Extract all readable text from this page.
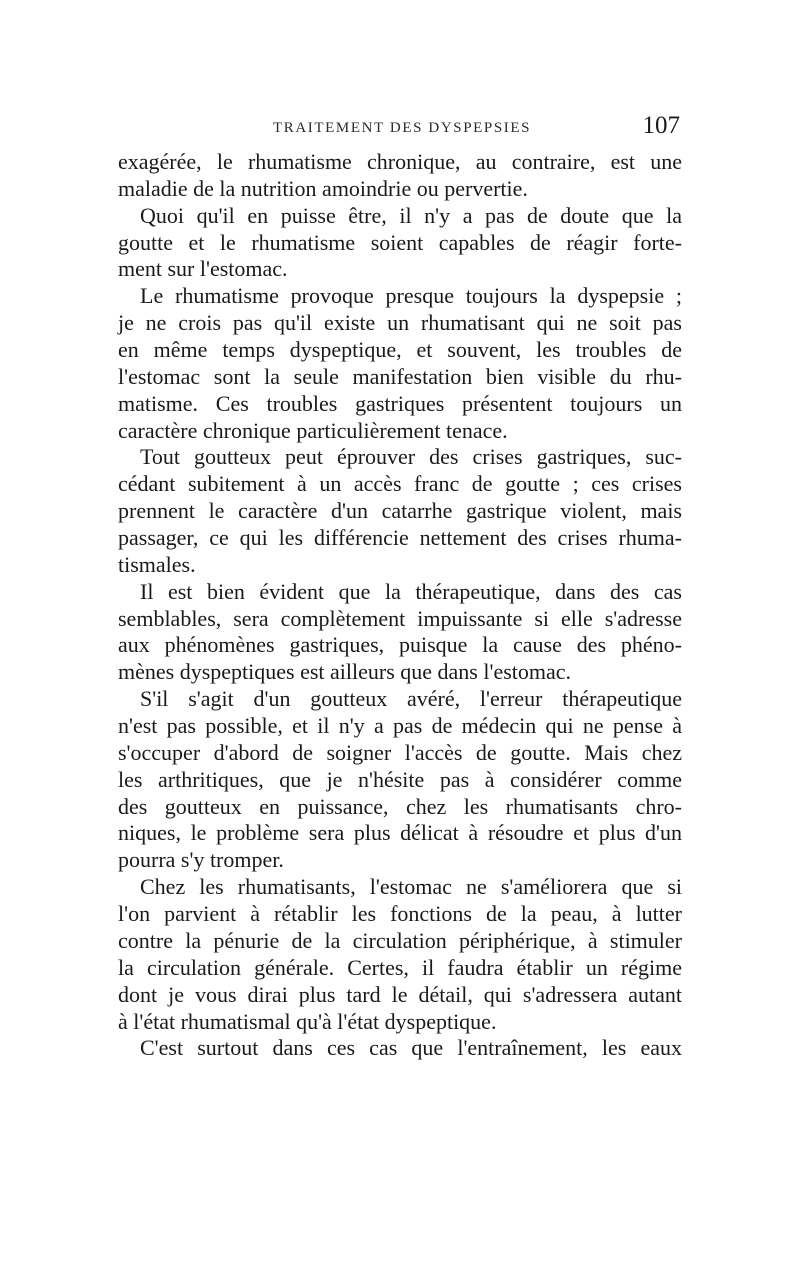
TRAITEMENT DES DYSPEPSIES	107
exagérée, le rhumatisme chronique, au contraire, est une
maladie de la nutrition amoindrie ou pervertie.
Quoi qu'il en puisse être, il n'y a pas de doute que la
goutte et le rhumatisme soient capables de réagir forte-
ment sur l'estomac.
Le rhumatisme provoque presque toujours la dyspepsie ;
je ne crois pas qu'il existe un rhumatisant qui ne soit pas
en même temps dyspeptique, et souvent, les troubles de
l'estomac sont la seule manifestation bien visible du rhu-
matisme. Ces troubles gastriques présentent toujours un
caractère chronique particulièrement tenace.
Tout goutteux peut éprouver des crises gastriques, suc-
cédant subitement à un accès franc de goutte ; ces crises
prennent le caractère d'un catarrhe gastrique violent, mais
passager, ce qui les différencie nettement des crises rhuma-
tismales.
Il est bien évident que la thérapeutique, dans des cas
semblables, sera complètement impuissante si elle s'adresse
aux phénomènes gastriques, puisque la cause des phéno-
mènes dyspeptiques est ailleurs que dans l'estomac.
S'il s'agit d'un goutteux avéré, l'erreur thérapeutique
n'est pas possible, et il n'y a pas de médecin qui ne pense à
s'occuper d'abord de soigner l'accès de goutte. Mais chez
les arthritiques, que je n'hésite pas à considérer comme
des goutteux en puissance, chez les rhumatisants chro-
niques, le problème sera plus délicat à résoudre et plus d'un
pourra s'y tromper.
Chez les rhumatisants, l'estomac ne s'améliorera que si
l'on parvient à rétablir les fonctions de la peau, à lutter
contre la pénurie de la circulation périphérique, à stimuler
la circulation générale. Certes, il faudra établir un régime
dont je vous dirai plus tard le détail, qui s'adressera autant
à l'état rhumatismal qu'à l'état dyspeptique.
C'est surtout dans ces cas que l'entraînement, les eaux
